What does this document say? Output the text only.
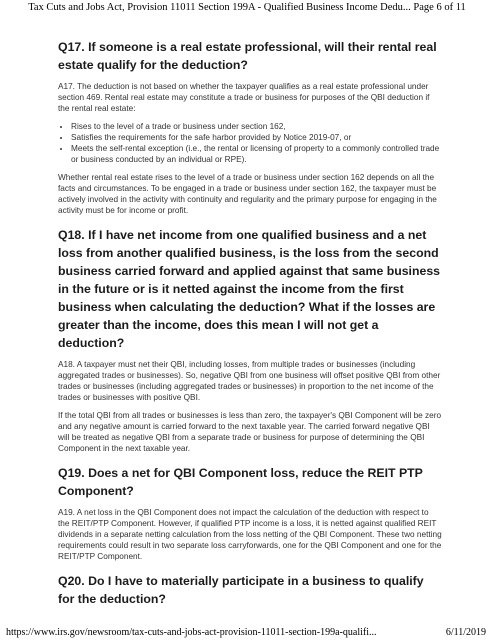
Tax Cuts and Jobs Act, Provision 11011 Section 199A - Qualified Business Income Dedu... Page 6 of 11
Q17. If someone is a real estate professional, will their rental real estate qualify for the deduction?

A17. The deduction is not based on whether the taxpayer qualifies as a real estate professional under section 469. Rental real estate may constitute a trade or business for purposes of the QBI deduction if the rental real estate:

• Rises to the level of a trade or business under section 162,
• Satisfies the requirements for the safe harbor provided by Notice 2019-07, or
• Meets the self-rental exception (i.e., the rental or licensing of property to a commonly controlled trade or business conducted by an individual or RPE).

Whether rental real estate rises to the level of a trade or business under section 162 depends on all the facts and circumstances. To be engaged in a trade or business under section 162, the taxpayer must be actively involved in the activity with continuity and regularity and the primary purpose for engaging in the activity must be for income or profit.

Q18. If I have net income from one qualified business and a net loss from another qualified business, is the loss from the second business carried forward and applied against that same business in the future or is it netted against the income from the first business when calculating the deduction? What if the losses are greater than the income, does this mean I will not get a deduction?

A18. A taxpayer must net their QBI, including losses, from multiple trades or businesses (including aggregated trades or businesses). So, negative QBI from one business will offset positive QBI from other trades or businesses (including aggregated trades or businesses) in proportion to the net income of the trades or businesses with positive QBI.

If the total QBI from all trades or businesses is less than zero, the taxpayer's QBI Component will be zero and any negative amount is carried forward to the next taxable year. The carried forward negative QBI will be treated as negative QBI from a separate trade or business for purpose of determining the QBI Component in the next taxable year.

Q19. Does a net for QBI Component loss, reduce the REIT PTP Component?

A19. A net loss in the QBI Component does not impact the calculation of the deduction with respect to the REIT/PTP Component. However, if qualified PTP income is a loss, it is netted against qualified REIT dividends in a separate netting calculation from the loss netting of the QBI Component. These two netting requirements could result in two separate loss carryforwards, one for the QBI Component and one for the REIT/PTP Component.

Q20. Do I have to materially participate in a business to qualify for the deduction?
https://www.irs.gov/newsroom/tax-cuts-and-jobs-act-provision-11011-section-199a-qualifi...	6/11/2019
